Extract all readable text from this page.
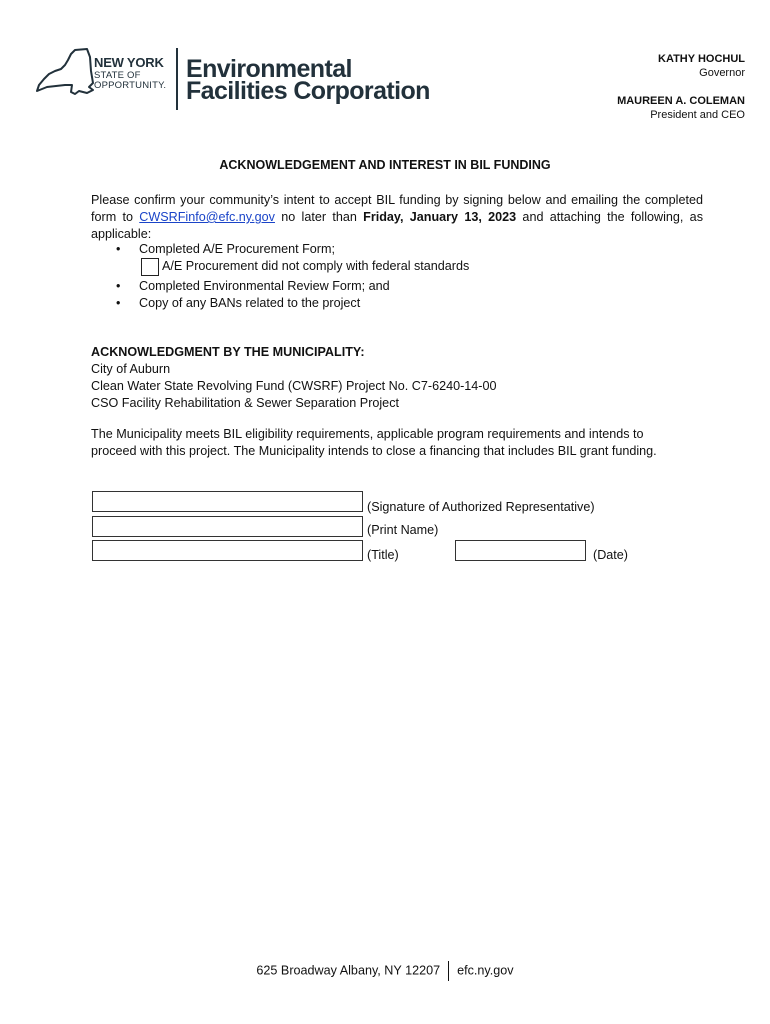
NEW YORK
STATE OF
OPPORTUNITY.
Environmental
Facilities Corporation
KATHY HOCHUL
Governor
MAUREEN A. COLEMAN
President and CEO
ACKNOWLEDGEMENT AND INTEREST IN BIL FUNDING
Please confirm your community’s intent to accept BIL funding by signing below and emailing the completed form to CWSRFinfo@efc.ny.gov no later than Friday, January 13, 2023 and attaching the following, as applicable:
• Completed A/E Procurement Form;
A/E Procurement did not comply with federal standards
• Completed Environmental Review Form; and
• Copy of any BANs related to the project
ACKNOWLEDGMENT BY THE MUNICIPALITY:
City of Auburn
Clean Water State Revolving Fund (CWSRF) Project No. C7-6240-14-00
CSO Facility Rehabilitation & Sewer Separation Project
The Municipality meets BIL eligibility requirements, applicable program requirements and intends to proceed with this project. The Municipality intends to close a financing that includes BIL grant funding.
(Signature of Authorized Representative)
(Print Name)
(Title)	(Date)
625 Broadway Albany, NY 12207 efc.ny.gov
